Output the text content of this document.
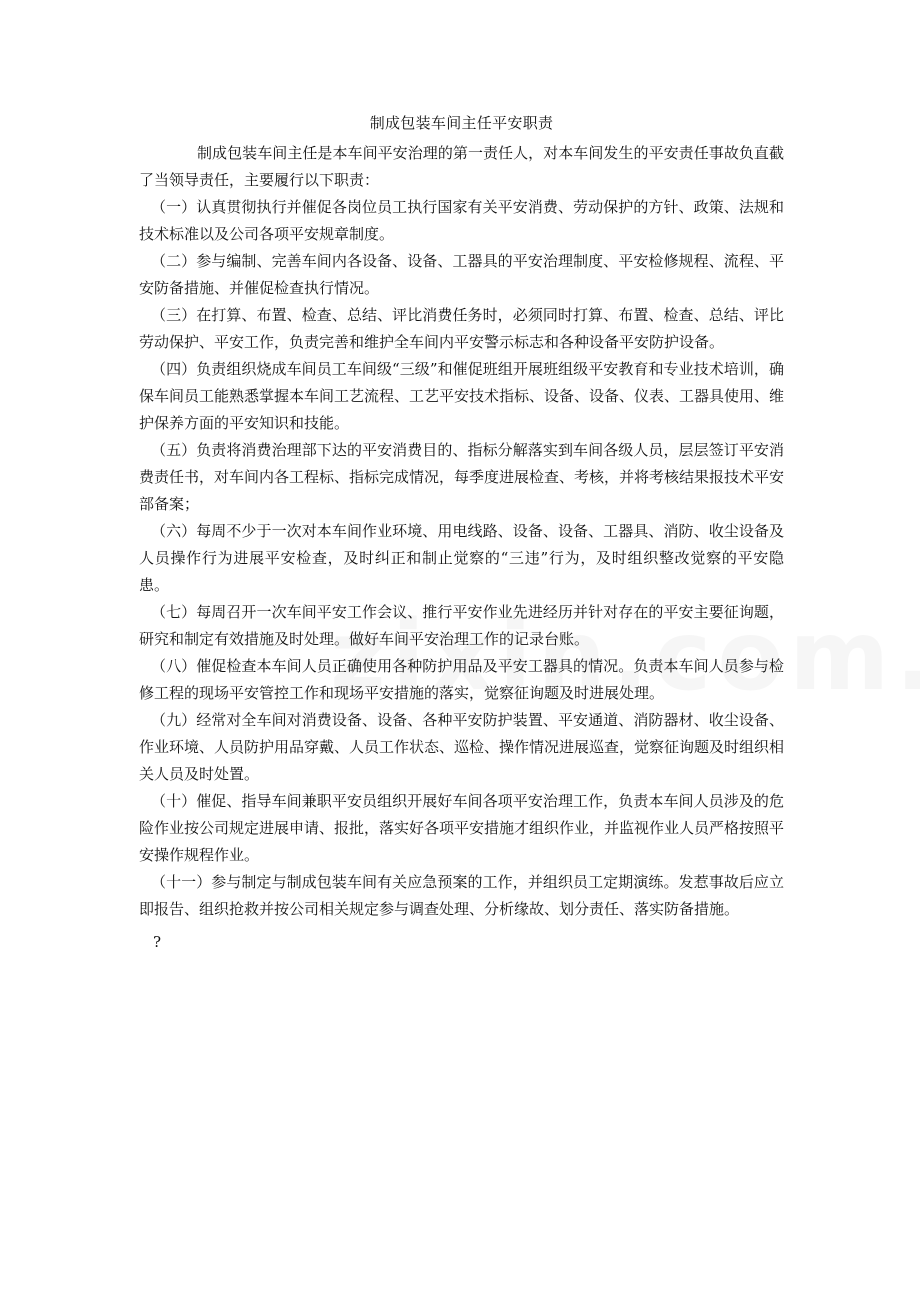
制成包装车间主任平安职责

制成包装车间主任是本车间平安治理的第一责任人，对本车间发生的平安责任事故负直截了当领导责任，主要履行以下职责：

（一）认真贯彻执行并催促各岗位员工执行国家有关平安消费、劳动保护的方针、政策、法规和技术标准以及公司各项平安规章制度。

（二）参与编制、完善车间内各设备、设备、工器具的平安治理制度、平安检修规程、流程、平安防备措施、并催促检查执行情况。

（三）在打算、布置、检查、总结、评比消费任务时，必须同时打算、布置、检查、总结、评比劳动保护、平安工作，负责完善和维护全车间内平安警示标志和各种设备平安防护设备。

（四）负责组织烧成车间员工车间级“三级”和催促班组开展班组级平安教育和专业技术培训，确保车间员工能熟悉掌握本车间工艺流程、工艺平安技术指标、设备、设备、仪表、工器具使用、维护保养方面的平安知识和技能。

（五）负责将消费治理部下达的平安消费目的、指标分解落实到车间各级人员，层层签订平安消费责任书，对车间内各工程标、指标完成情况，每季度进展检查、考核，并将考核结果报技术平安部备案；

（六）每周不少于一次对本车间作业环境、用电线路、设备、设备、工器具、消防、收尘设备及人员操作行为进展平安检查，及时纠正和制止觉察的“三违”行为，及时组织整改觉察的平安隐患。

（七）每周召开一次车间平安工作会议、推行平安作业先进经历并针对存在的平安主要征询题，研究和制定有效措施及时处理。做好车间平安治理工作的记录台账。

（八）催促检查本车间人员正确使用各种防护用品及平安工器具的情况。负责本车间人员参与检修工程的现场平安管控工作和现场平安措施的落实，觉察征询题及时进展处理。

（九）经常对全车间对消费设备、设备、各种平安防护装置、平安通道、消防器材、收尘设备、作业环境、人员防护用品穿戴、人员工作状态、巡检、操作情况进展巡查，觉察征询题及时组织相关人员及时处置。

（十）催促、指导车间兼职平安员组织开展好车间各项平安治理工作，负责本车间人员涉及的危险作业按公司规定进展申请、报批，落实好各项平安措施才组织作业，并监视作业人员严格按照平安操作规程作业。

（十一）参与制定与制成包装车间有关应急预案的工作，并组织员工定期演练。发惹事故后应立即报告、组织抢救并按公司相关规定参与调查处理、分析缘故、划分责任、落实防备措施。

?
